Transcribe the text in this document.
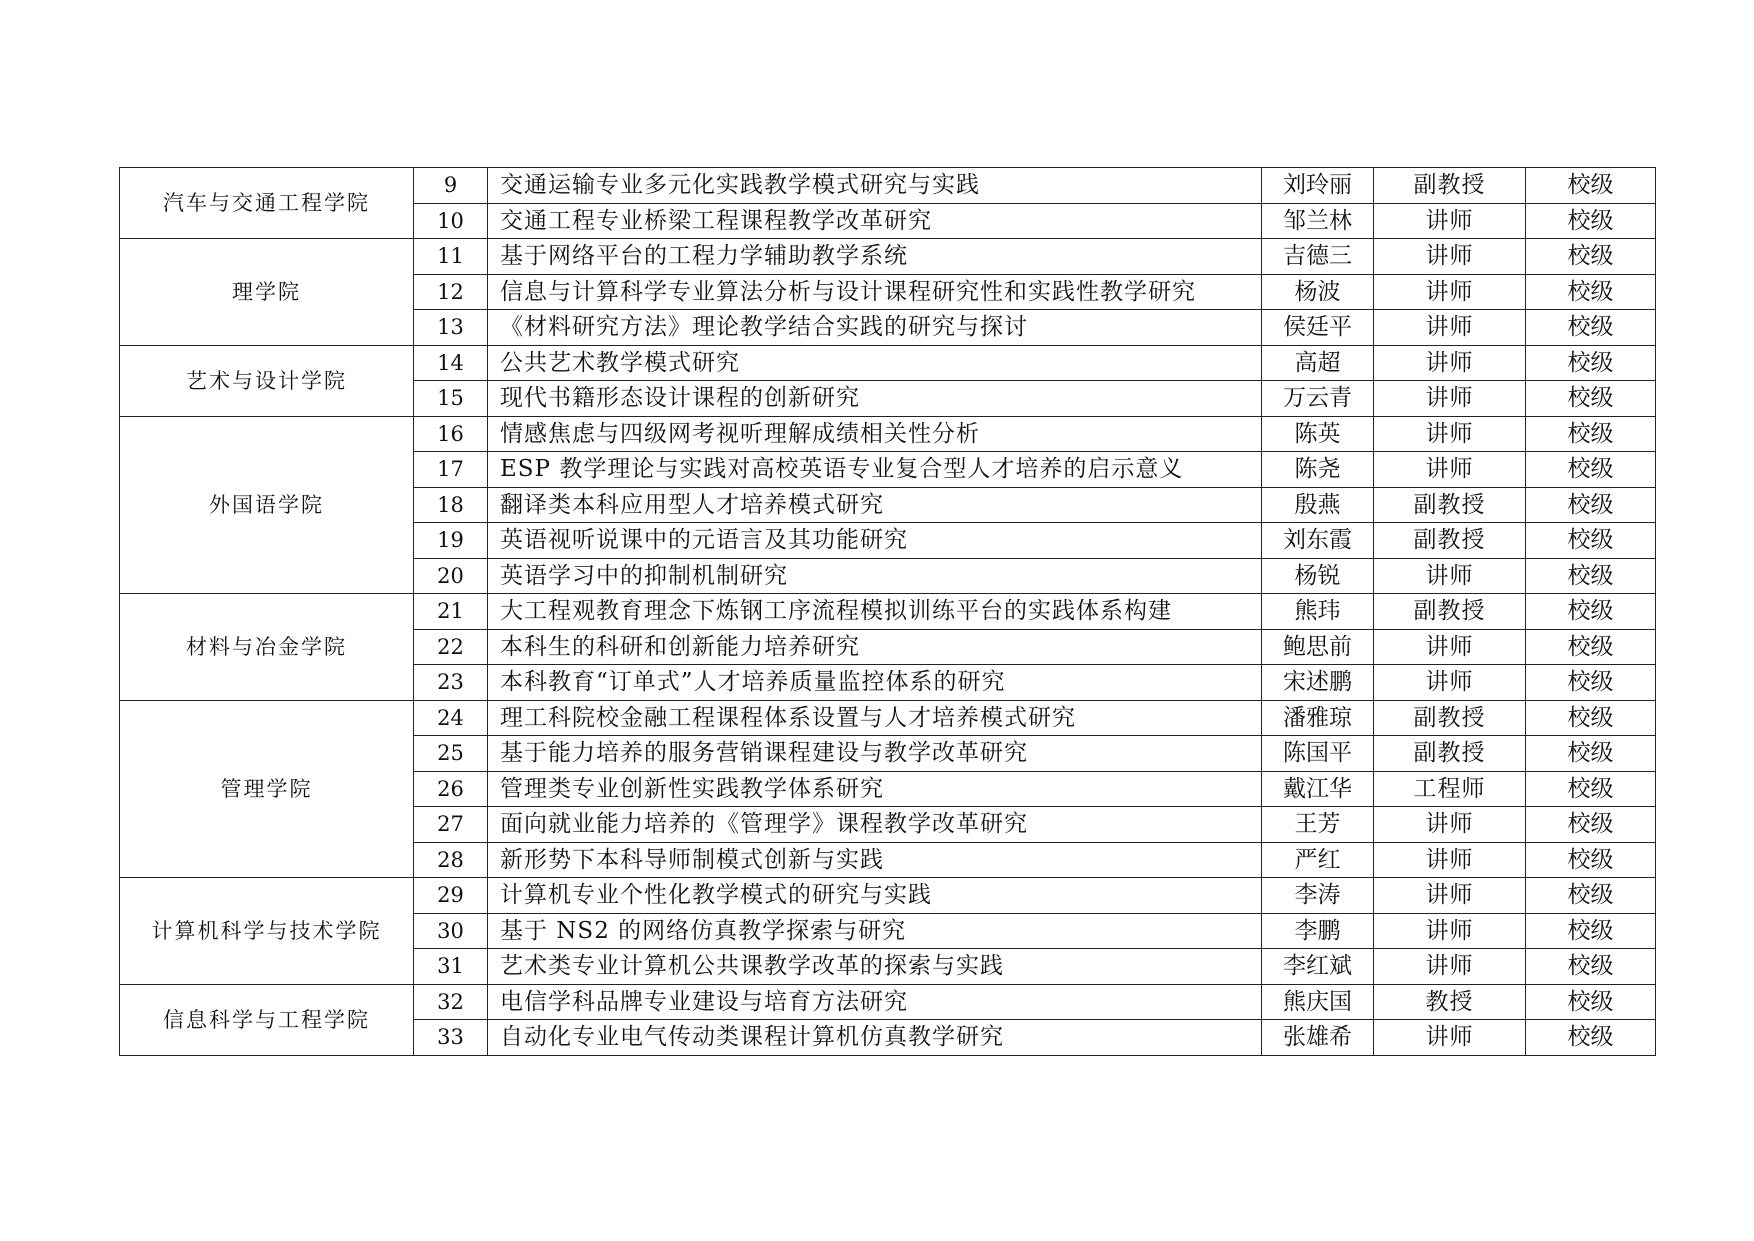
汽车与交通工程学院	9	交通运输专业多元化实践教学模式研究与实践	刘玲丽	副教授	校级
	10	交通工程专业桥梁工程课程教学改革研究	邹兰林	讲师	校级
理学院	11	基于网络平台的工程力学辅助教学系统	吉德三	讲师	校级
	12	信息与计算科学专业算法分析与设计课程研究性和实践性教学研究	杨波	讲师	校级
	13	《材料研究方法》理论教学结合实践的研究与探讨	侯廷平	讲师	校级
艺术与设计学院	14	公共艺术教学模式研究	高超	讲师	校级
	15	现代书籍形态设计课程的创新研究	万云青	讲师	校级
外国语学院	16	情感焦虑与四级网考视听理解成绩相关性分析	陈英	讲师	校级
	17	ESP 教学理论与实践对高校英语专业复合型人才培养的启示意义	陈尧	讲师	校级
	18	翻译类本科应用型人才培养模式研究	殷燕	副教授	校级
	19	英语视听说课中的元语言及其功能研究	刘东霞	副教授	校级
	20	英语学习中的抑制机制研究	杨锐	讲师	校级
材料与冶金学院	21	大工程观教育理念下炼钢工序流程模拟训练平台的实践体系构建	熊玮	副教授	校级
	22	本科生的科研和创新能力培养研究	鲍思前	讲师	校级
	23	本科教育“订单式”人才培养质量监控体系的研究	宋述鹏	讲师	校级
管理学院	24	理工科院校金融工程课程体系设置与人才培养模式研究	潘雅琼	副教授	校级
	25	基于能力培养的服务营销课程建设与教学改革研究	陈国平	副教授	校级
	26	管理类专业创新性实践教学体系研究	戴江华	工程师	校级
	27	面向就业能力培养的《管理学》课程教学改革研究	王芳	讲师	校级
	28	新形势下本科导师制模式创新与实践	严红	讲师	校级
计算机科学与技术学院	29	计算机专业个性化教学模式的研究与实践	李涛	讲师	校级
	30	基于 NS2 的网络仿真教学探索与研究	李鹏	讲师	校级
	31	艺术类专业计算机公共课教学改革的探索与实践	李红斌	讲师	校级
信息科学与工程学院	32	电信学科品牌专业建设与培育方法研究	熊庆国	教授	校级
	33	自动化专业电气传动类课程计算机仿真教学研究	张雄希	讲师	校级
